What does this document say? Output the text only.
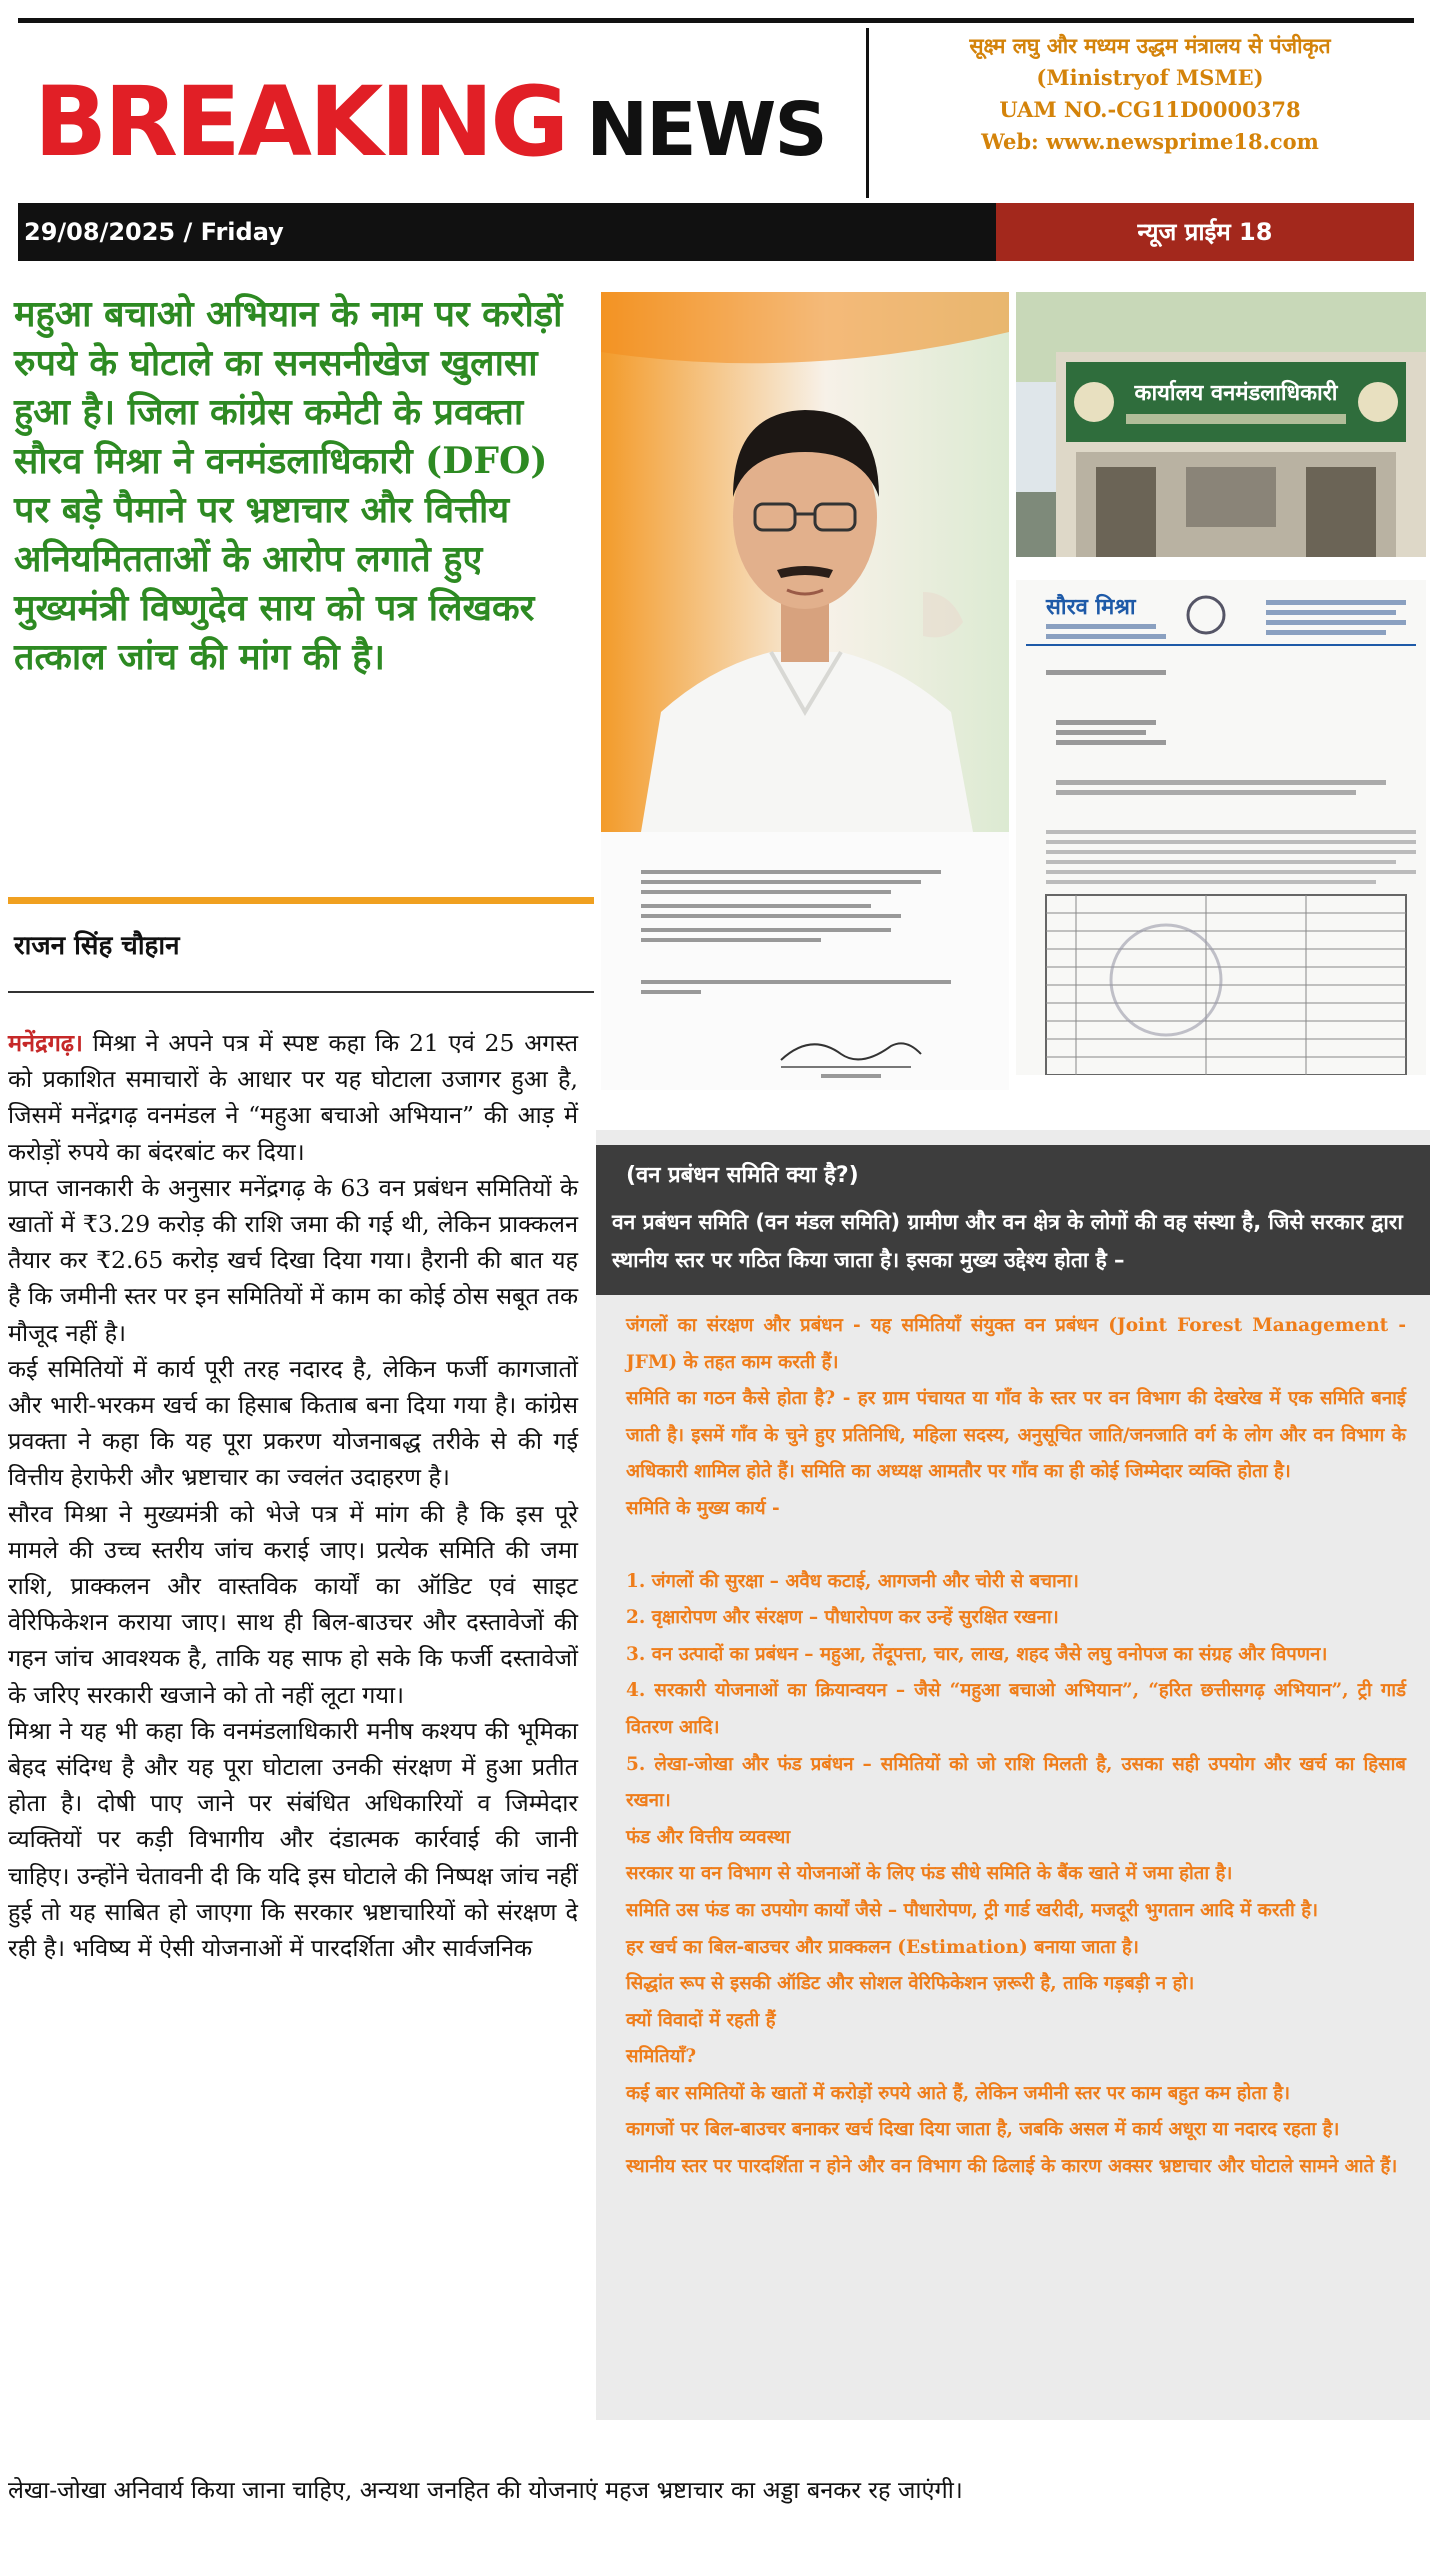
BREAKING NEWS
सूक्ष्म लघु और मध्यम उद्धम मंत्रालय से पंजीकृत
(Ministryof MSME)
UAM NO.-CG11D0000378
Web: www.newsprime18.com
29/08/2025 / Friday	न्यूज प्राईम 18
महुआ बचाओ अभियान के नाम पर करोड़ों रुपये के घोटाले का सनसनीखेज खुलासा हुआ है। जिला कांग्रेस कमेटी के प्रवक्ता सौरव मिश्रा ने वनमंडलाधिकारी (DFO) पर बड़े पैमाने पर भ्रष्टाचार और वित्तीय अनियमितताओं के आरोप लगाते हुए मुख्यमंत्री विष्णुदेव साय को पत्र लिखकर तत्काल जांच की मांग की है।
राजन सिंह चौहान

मनेंद्रगढ़। मिश्रा ने अपने पत्र में स्पष्ट कहा कि 21 एवं 25 अगस्त को प्रकाशित समाचारों के आधार पर यह घोटाला उजागर हुआ है, जिसमें मनेंद्रगढ़ वनमंडल ने “महुआ बचाओ अभियान” की आड़ में करोड़ों रुपये का बंदरबांट कर दिया।

प्राप्त जानकारी के अनुसार मनेंद्रगढ़ के 63 वन प्रबंधन समितियों के खातों में ₹3.29 करोड़ की राशि जमा की गई थी, लेकिन प्राक्कलन तैयार कर ₹2.65 करोड़ खर्च दिखा दिया गया। हैरानी की बात यह है कि जमीनी स्तर पर इन समितियों में काम का कोई ठोस सबूत तक मौजूद नहीं है।

कई समितियों में कार्य पूरी तरह नदारद है, लेकिन फर्जी कागजातों और भारी-भरकम खर्च का हिसाब किताब बना दिया गया है। कांग्रेस प्रवक्ता ने कहा कि यह पूरा प्रकरण योजनाबद्ध तरीके से की गई वित्तीय हेराफेरी और भ्रष्टाचार का ज्वलंत उदाहरण है।

सौरव मिश्रा ने मुख्यमंत्री को भेजे पत्र में मांग की है कि इस पूरे मामले की उच्च स्तरीय जांच कराई जाए। प्रत्येक समिति की जमा राशि, प्राक्कलन और वास्तविक कार्यों का ऑडिट एवं साइट वेरिफिकेशन कराया जाए। साथ ही बिल-बाउचर और दस्तावेजों की गहन जांच आवश्यक है, ताकि यह साफ हो सके कि फर्जी दस्तावेजों के जरिए सरकारी खजाने को तो नहीं लूटा गया।

मिश्रा ने यह भी कहा कि वनमंडलाधिकारी मनीष कश्यप की भूमिका बेहद संदिग्ध है और यह पूरा घोटाला उनकी संरक्षण में हुआ प्रतीत होता है। दोषी पाए जाने पर संबंधित अधिकारियों व जिम्मेदार व्यक्तियों पर कड़ी विभागीय और दंडात्मक कार्रवाई की जानी चाहिए। उन्होंने चेतावनी दी कि यदि इस घोटाले की निष्पक्ष जांच नहीं हुई तो यह साबित हो जाएगा कि सरकार भ्रष्टाचारियों को संरक्षण दे रही है। भविष्य में ऐसी योजनाओं में पारदर्शिता और सार्वजनिक

लेखा-जोखा अनिवार्य किया जाना चाहिए, अन्यथा जनहित की योजनाएं महज भ्रष्टाचार का अड्डा बनकर रह जाएंगी।
कार्यालय वनमंडलाधिकारी
सौरव मिश्रा
(वन प्रबंधन समिति क्या है?)
वन प्रबंधन समिति (वन मंडल समिति) ग्रामीण और वन क्षेत्र के लोगों की वह संस्था है, जिसे सरकार द्वारा स्थानीय स्तर पर गठित किया जाता है। इसका मुख्य उद्देश्य होता है –
जंगलों का संरक्षण और प्रबंधन - यह समितियाँ संयुक्त वन प्रबंधन (Joint Forest Management - JFM) के तहत काम करती हैं।
समिति का गठन कैसे होता है? - हर ग्राम पंचायत या गाँव के स्तर पर वन विभाग की देखरेख में एक समिति बनाई जाती है। इसमें गाँव के चुने हुए प्रतिनिधि, महिला सदस्य, अनुसूचित जाति/जनजाति वर्ग के लोग और वन विभाग के अधिकारी शामिल होते हैं। समिति का अध्यक्ष आमतौर पर गाँव का ही कोई जिम्मेदार व्यक्ति होता है।
समिति के मुख्य कार्य -
1. जंगलों की सुरक्षा – अवैध कटाई, आगजनी और चोरी से बचाना।
2. वृक्षारोपण और संरक्षण – पौधारोपण कर उन्हें सुरक्षित रखना।
3. वन उत्पादों का प्रबंधन – महुआ, तेंदूपत्ता, चार, लाख, शहद जैसे लघु वनोपज का संग्रह और विपणन।
4. सरकारी योजनाओं का क्रियान्वयन – जैसे “महुआ बचाओ अभियान”, “हरित छत्तीसगढ़ अभियान”, ट्री गार्ड वितरण आदि।
5. लेखा-जोखा और फंड प्रबंधन – समितियों को जो राशि मिलती है, उसका सही उपयोग और खर्च का हिसाब रखना।
फंड और वित्तीय व्यवस्था
सरकार या वन विभाग से योजनाओं के लिए फंड सीधे समिति के बैंक खाते में जमा होता है।
समिति उस फंड का उपयोग कार्यों जैसे – पौधारोपण, ट्री गार्ड खरीदी, मजदूरी भुगतान आदि में करती है।
हर खर्च का बिल-बाउचर और प्राक्कलन (Estimation) बनाया जाता है।
सिद्धांत रूप से इसकी ऑडिट और सोशल वेरिफिकेशन ज़रूरी है, ताकि गड़बड़ी न हो।
क्यों विवादों में रहती हैं
समितियाँ?
कई बार समितियों के खातों में करोड़ों रुपये आते हैं, लेकिन जमीनी स्तर पर काम बहुत कम होता है।
कागजों पर बिल-बाउचर बनाकर खर्च दिखा दिया जाता है, जबकि असल में कार्य अधूरा या नदारद रहता है।
स्थानीय स्तर पर पारदर्शिता न होने और वन विभाग की ढिलाई के कारण अक्सर भ्रष्टाचार और घोटाले सामने आते हैं।
